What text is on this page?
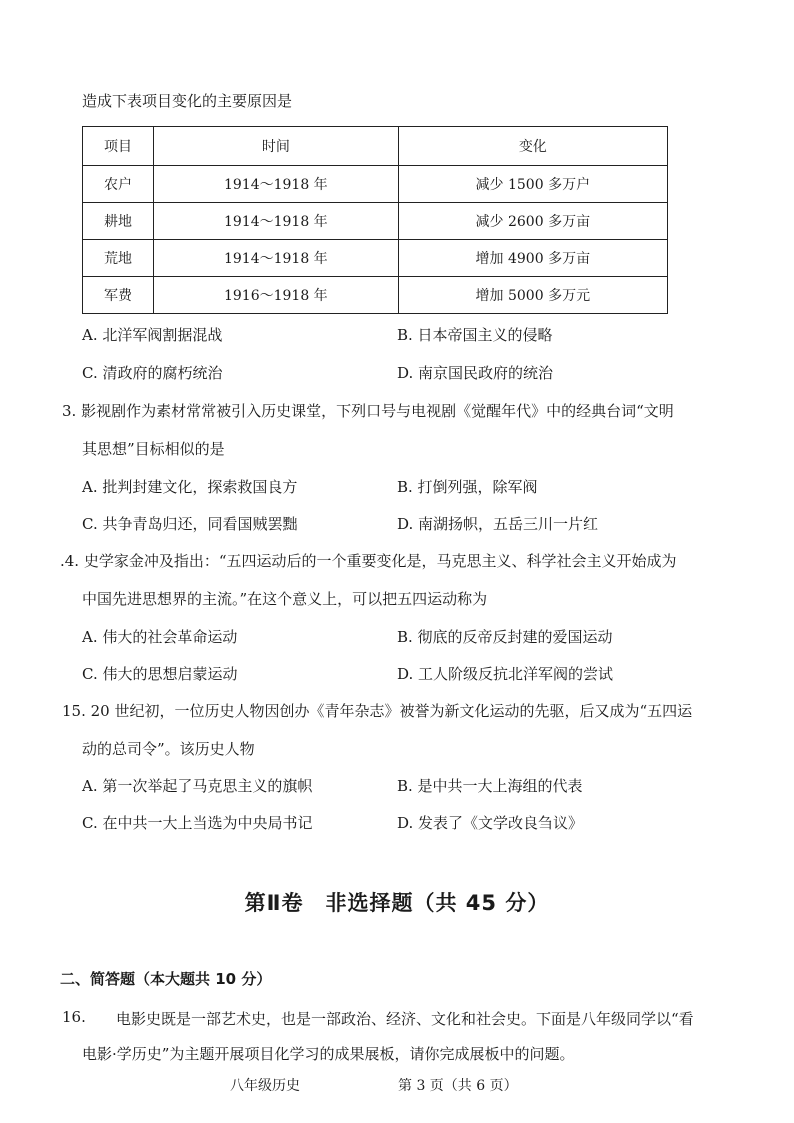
造成下表项目变化的主要原因是
项目	时间	变化
农户	1914～1918 年	减少 1500 多万户
耕地	1914～1918 年	减少 2600 多万亩
荒地	1914～1918 年	增加 4900 多万亩
军费	1916～1918 年	增加 5000 多万元
A. 北洋军阀割据混战	B. 日本帝国主义的侵略
C. 清政府的腐朽统治	D. 南京国民政府的统治
3. 影视剧作为素材常常被引入历史课堂，下列口号与电视剧《觉醒年代》中的经典台词“文明
其思想”目标相似的是
A. 批判封建文化，探索救国良方	B. 打倒列强，除军阀
C. 共争青岛归还，同看国贼罢黜	D. 南湖扬帜，五岳三川一片红
.4. 史学家金冲及指出：“五四运动后的一个重要变化是，马克思主义、科学社会主义开始成为
中国先进思想界的主流。”在这个意义上，可以把五四运动称为
A. 伟大的社会革命运动	B. 彻底的反帝反封建的爱国运动
C. 伟大的思想启蒙运动	D. 工人阶级反抗北洋军阀的尝试
15. 20 世纪初，一位历史人物因创办《青年杂志》被誉为新文化运动的先驱，后又成为“五四运
动的总司令”。该历史人物
A. 第一次举起了马克思主义的旗帜	B. 是中共一大上海组的代表
C. 在中共一大上当选为中央局书记	D. 发表了《文学改良刍议》
第Ⅱ卷　非选择题（共 45 分）
二、简答题（本大题共 10 分）
16. 电影史既是一部艺术史，也是一部政治、经济、文化和社会史。下面是八年级同学以“看
电影·学历史”为主题开展项目化学习的成果展板，请你完成展板中的问题。
八年级历史	第 3 页（共 6 页）
